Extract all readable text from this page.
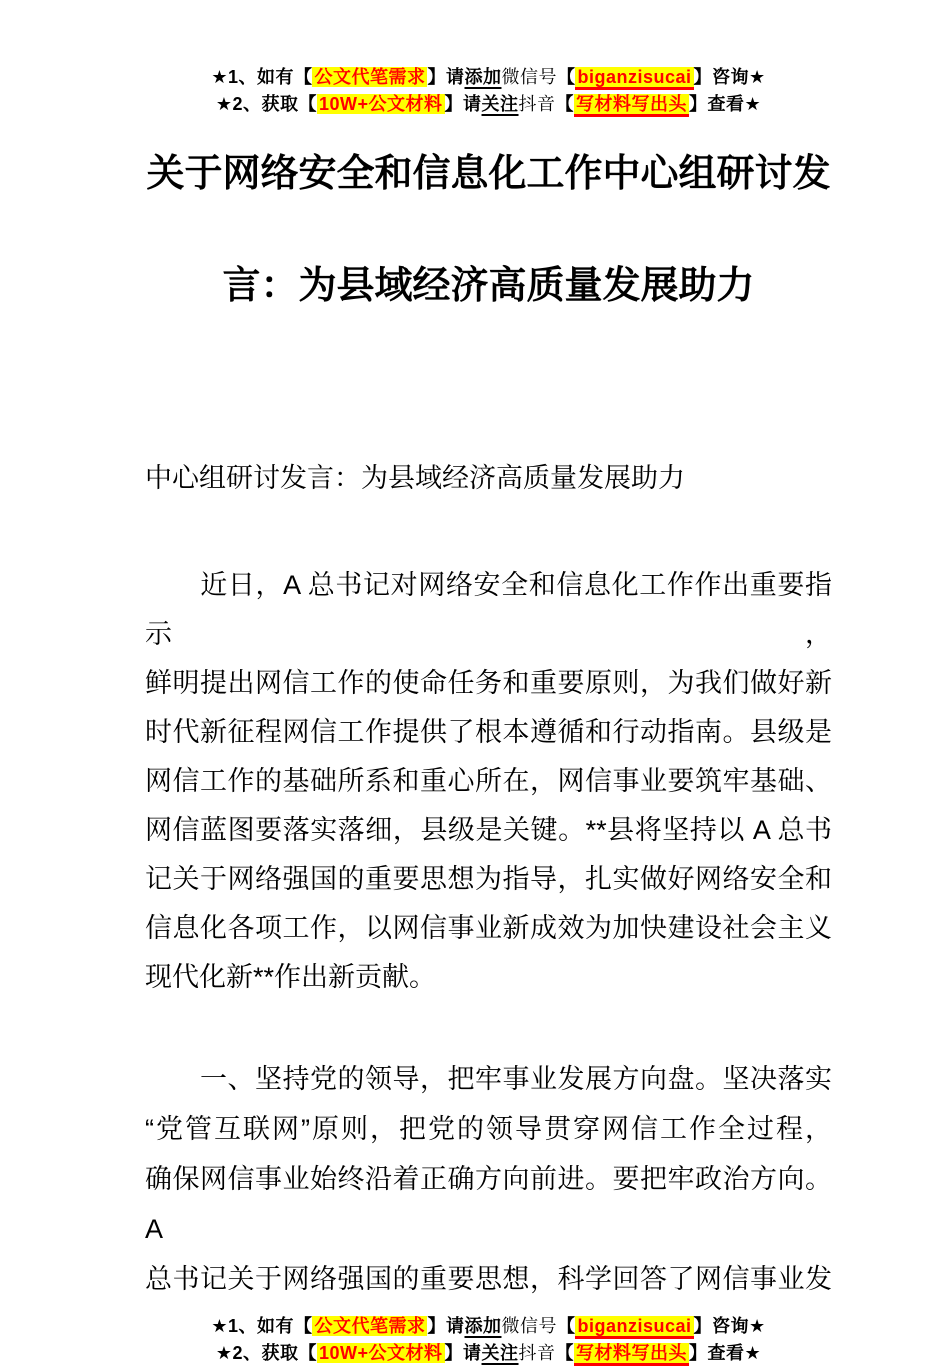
★1、如有【 公文代笔需求 】请添加微信号【 biganzisucai 】咨询★
★2、获取【 10W+公文材料 】请关注抖音【 写材料写出头 】查看★
关于网络安全和信息化工作中心组研讨发
言：为县域经济高质量发展助力
中心组研讨发言：为县域经济高质量发展助力
　　近日，A 总书记对网络安全和信息化工作作出重要指示，
鲜明提出网信工作的使命任务和重要原则，为我们做好新
时代新征程网信工作提供了根本遵循和行动指南。县级是
网信工作的基础所系和重心所在，网信事业要筑牢基础、
网信蓝图要落实落细，县级是关键。**县将坚持以 A 总书
记关于网络强国的重要思想为指导，扎实做好网络安全和
信息化各项工作，以网信事业新成效为加快建设社会主义
现代化新**作出新贡献。
　　一、坚持党的领导，把牢事业发展方向盘。坚决落实
“党管互联网”原则，把党的领导贯穿网信工作全过程，
确保网信事业始终沿着正确方向前进。要把牢政治方向。A
总书记关于网络强国的重要思想，科学回答了网信事业发
★1、如有【 公文代笔需求 】请添加微信号【 biganzisucai 】咨询★
★2、获取【 10W+公文材料 】请关注抖音【 写材料写出头 】查看★
